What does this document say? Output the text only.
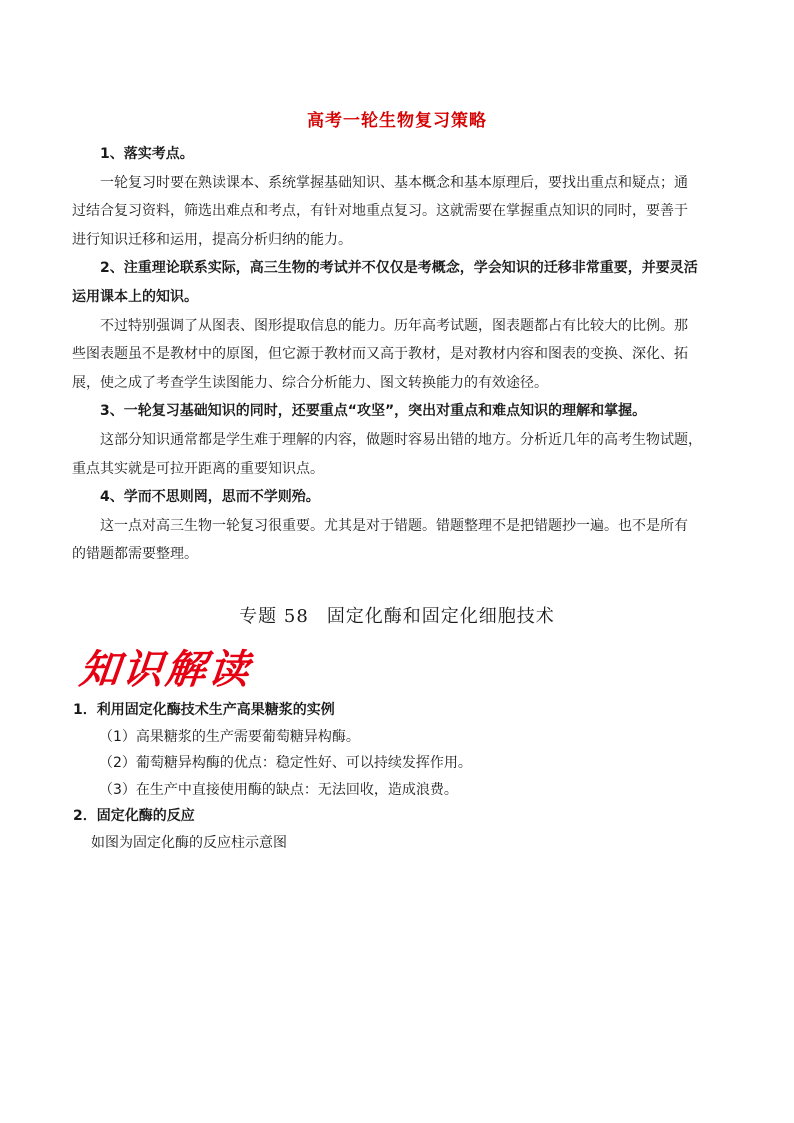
高考一轮生物复习策略

1、落实考点。

一轮复习时要在熟读课本、系统掌握基础知识、基本概念和基本原理后，要找出重点和疑点；通

过结合复习资料，筛选出难点和考点，有针对地重点复习。这就需要在掌握重点知识的同时，要善于

进行知识迁移和运用，提高分析归纳的能力。

2、注重理论联系实际，高三生物的考试并不仅仅是考概念，学会知识的迁移非常重要，并要灵活

运用课本上的知识。

不过特别强调了从图表、图形提取信息的能力。历年高考试题，图表题都占有比较大的比例。那

些图表题虽不是教材中的原图，但它源于教材而又高于教材，是对教材内容和图表的变换、深化、拓

展，使之成了考查学生读图能力、综合分析能力、图文转换能力的有效途径。

3、一轮复习基础知识的同时，还要重点“攻坚”，突出对重点和难点知识的理解和掌握。

这部分知识通常都是学生难于理解的内容，做题时容易出错的地方。分析近几年的高考生物试题，

重点其实就是可拉开距离的重要知识点。

4、学而不思则罔，思而不学则殆。

这一点对高三生物一轮复习很重要。尤其是对于错题。错题整理不是把错题抄一遍。也不是所有

的错题都需要整理。

专题 58 固定化酶和固定化细胞技术
知识解读

1．利用固定化酶技术生产高果糖浆的实例

（1）高果糖浆的生产需要葡萄糖异构酶。

（2）葡萄糖异构酶的优点：稳定性好、可以持续发挥作用。

（3）在生产中直接使用酶的缺点：无法回收，造成浪费。

2．固定化酶的反应

如图为固定化酶的反应柱示意图
